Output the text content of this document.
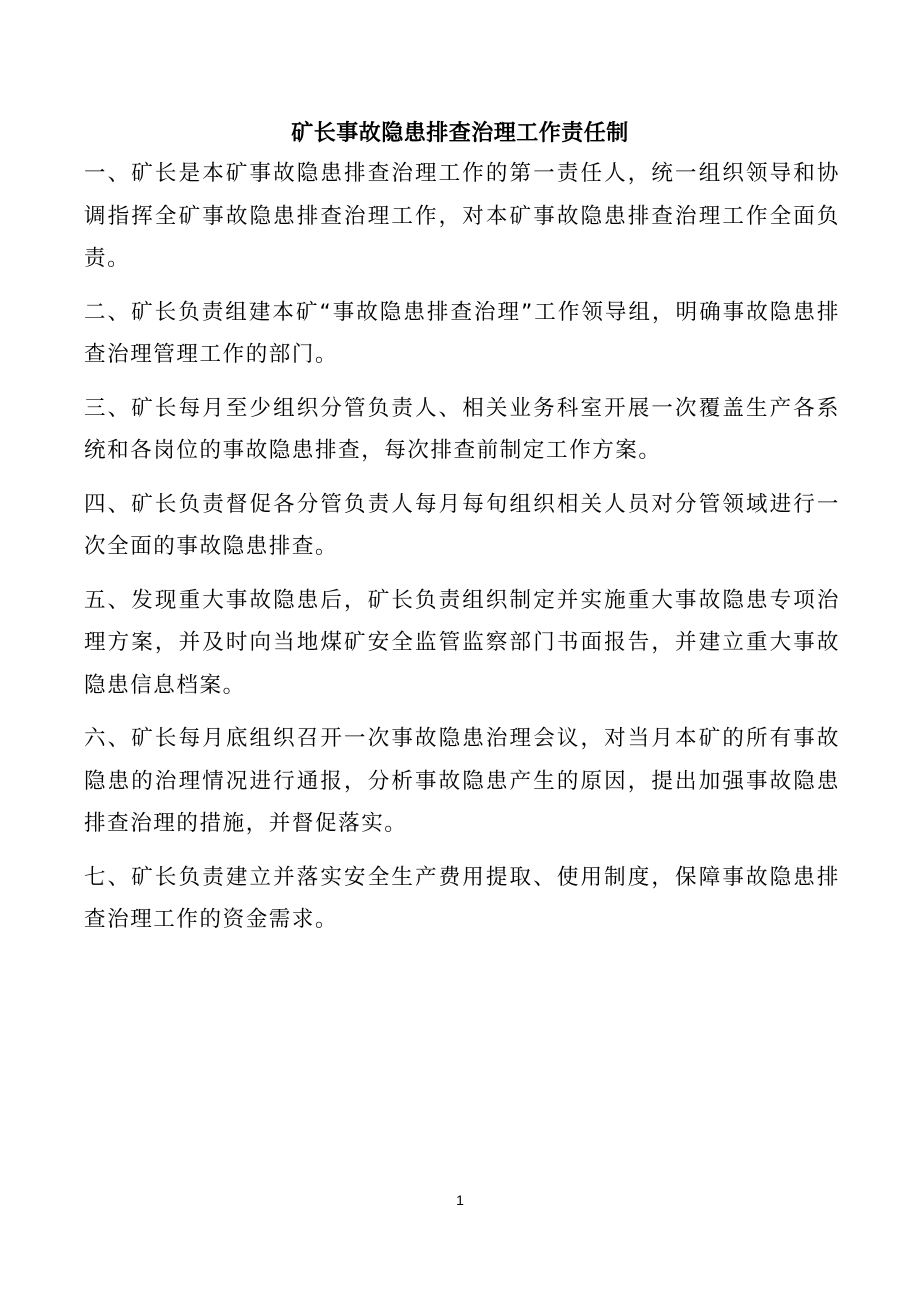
矿长事故隐患排查治理工作责任制

一、矿长是本矿事故隐患排查治理工作的第一责任人，统一组织领导和协调指挥全矿事故隐患排查治理工作，对本矿事故隐患排查治理工作全面负责。

二、矿长负责组建本矿“事故隐患排查治理”工作领导组，明确事故隐患排查治理管理工作的部门。

三、矿长每月至少组织分管负责人、相关业务科室开展一次覆盖生产各系统和各岗位的事故隐患排查，每次排查前制定工作方案。

四、矿长负责督促各分管负责人每月每旬组织相关人员对分管领域进行一次全面的事故隐患排查。

五、发现重大事故隐患后，矿长负责组织制定并实施重大事故隐患专项治理方案，并及时向当地煤矿安全监管监察部门书面报告，并建立重大事故隐患信息档案。

六、矿长每月底组织召开一次事故隐患治理会议，对当月本矿的所有事故隐患的治理情况进行通报，分析事故隐患产生的原因，提出加强事故隐患排查治理的措施，并督促落实。

七、矿长负责建立并落实安全生产费用提取、使用制度，保障事故隐患排查治理工作的资金需求。

1
